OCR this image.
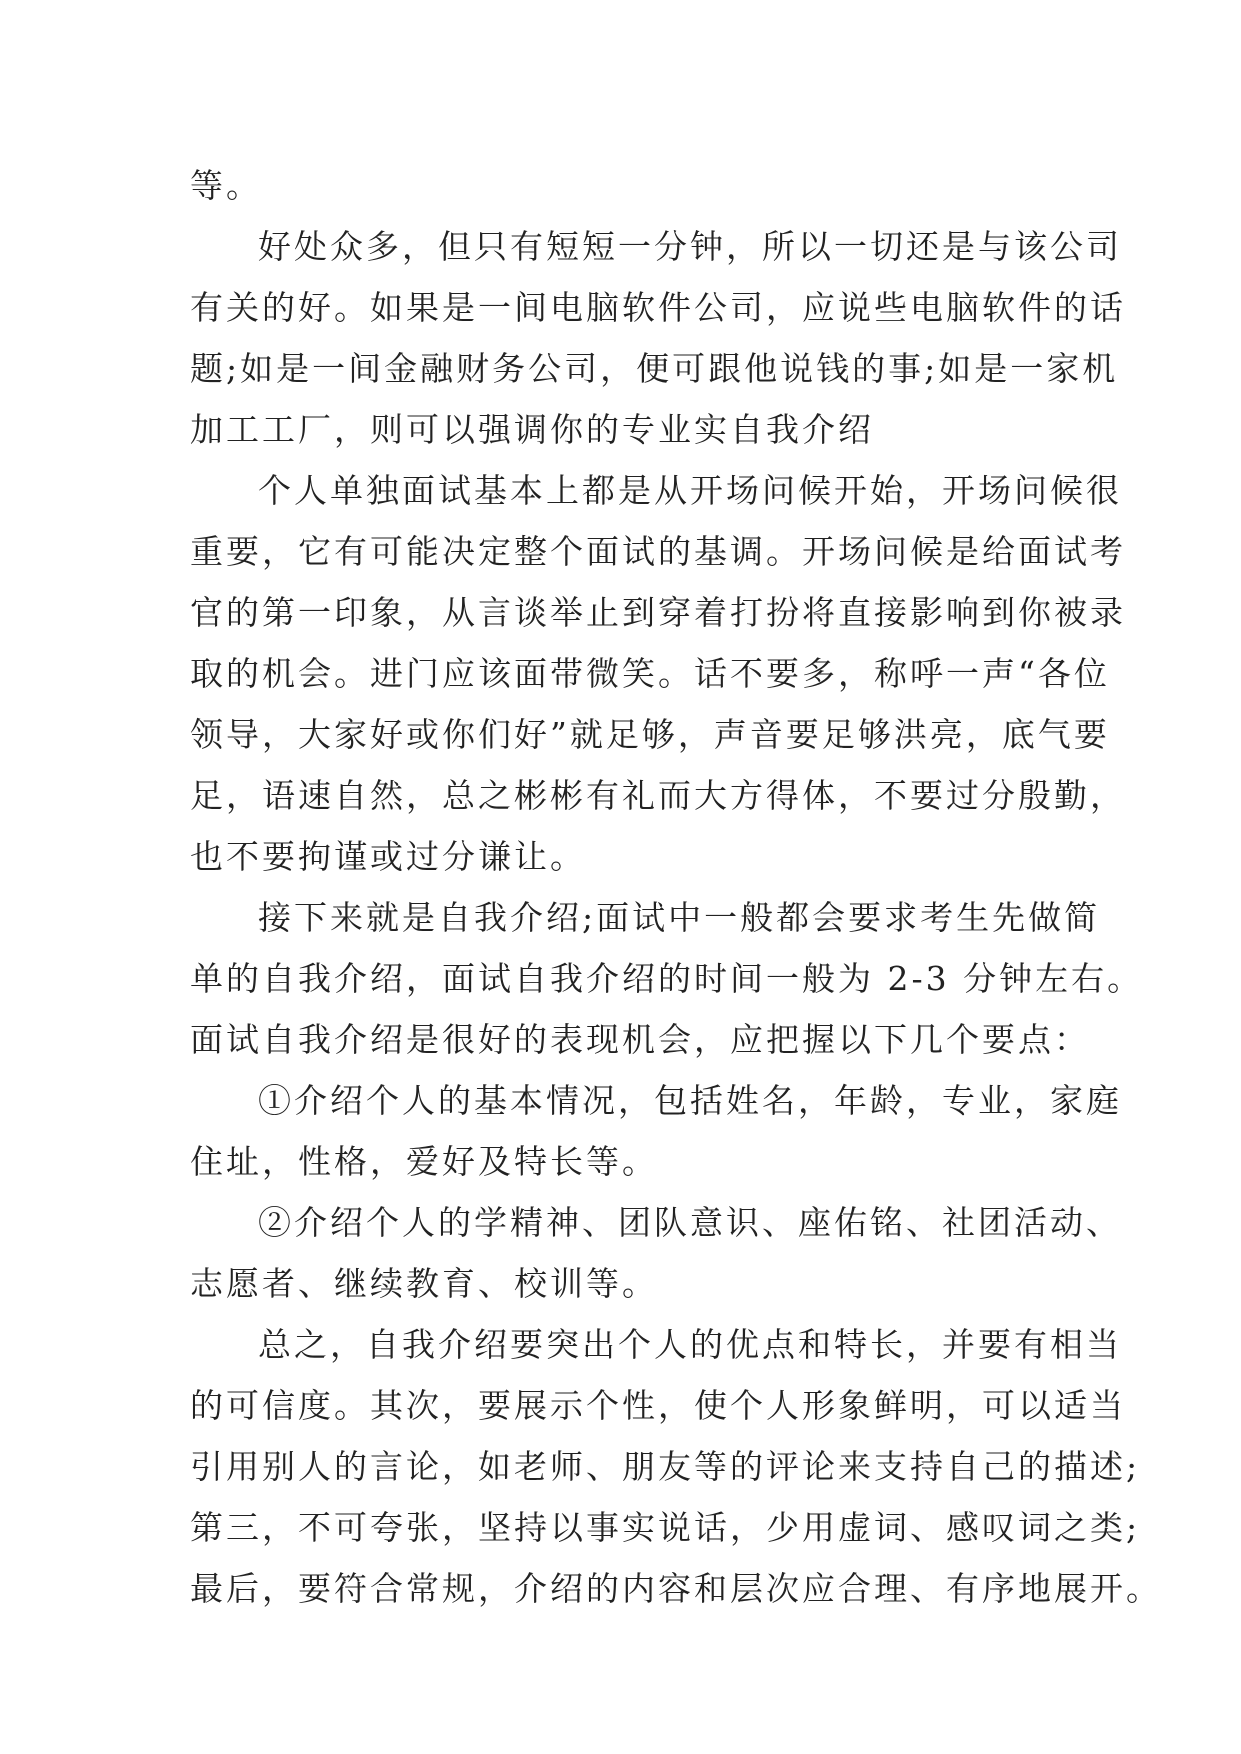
等。
好处众多，但只有短短一分钟，所以一切还是与该公司
有关的好。如果是一间电脑软件公司，应说些电脑软件的话
题;如是一间金融财务公司，便可跟他说钱的事;如是一家机
加工工厂，则可以强调你的专业实自我介绍
个人单独面试基本上都是从开场问候开始，开场问候很
重要，它有可能决定整个面试的基调。开场问候是给面试考
官的第一印象，从言谈举止到穿着打扮将直接影响到你被录
取的机会。进门应该面带微笑。话不要多，称呼一声“各位
领导，大家好或你们好”就足够，声音要足够洪亮，底气要
足，语速自然，总之彬彬有礼而大方得体，不要过分殷勤，
也不要拘谨或过分谦让。
接下来就是自我介绍;面试中一般都会要求考生先做简
单的自我介绍，面试自我介绍的时间一般为 2-3 分钟左右。
面试自我介绍是很好的表现机会，应把握以下几个要点：
①介绍个人的基本情况，包括姓名，年龄，专业，家庭
住址，性格，爱好及特长等。
②介绍个人的学精神、团队意识、座佑铭、社团活动、
志愿者、继续教育、校训等。
总之，自我介绍要突出个人的优点和特长，并要有相当
的可信度。其次，要展示个性，使个人形象鲜明，可以适当
引用别人的言论，如老师、朋友等的评论来支持自己的描述;
第三，不可夸张，坚持以事实说话，少用虚词、感叹词之类;
最后，要符合常规，介绍的内容和层次应合理、有序地展开。
